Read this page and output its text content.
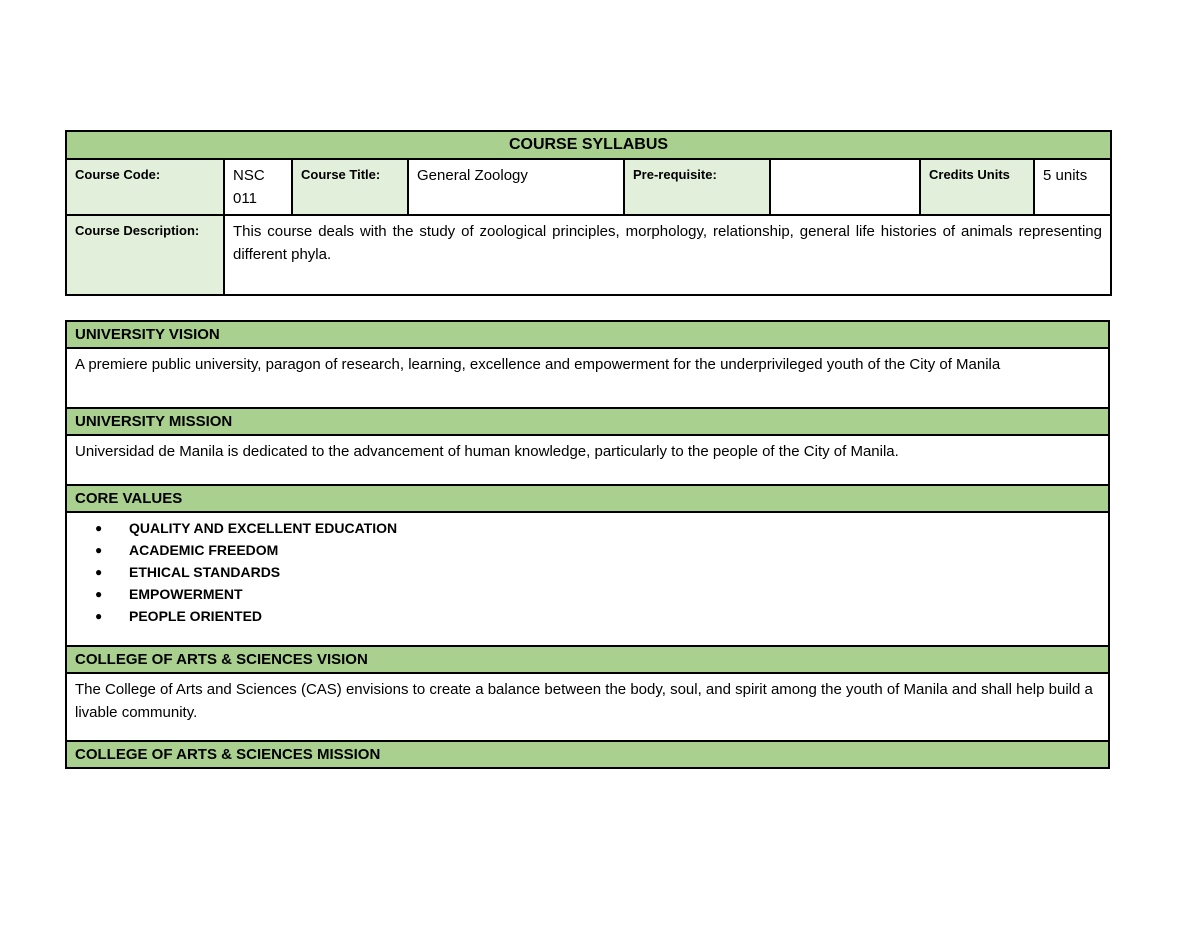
COURSE SYLLABUS							
Course Code:	NSC 011	Course Title:	General Zoology	Pre-requisite:		Credits Units	5 units
Course Description:	This course deals with the study of zoological principles, morphology, relationship, general life histories of animals representing different phyla.						
UNIVERSITY VISION
A premiere public university, paragon of research, learning, excellence and empowerment for the underprivileged youth of the City of Manila
UNIVERSITY MISSION
Universidad de Manila is dedicated to the advancement of human knowledge, particularly to the people of the City of Manila.
CORE VALUES

● QUALITY AND EXCELLENT EDUCATION
● ACADEMIC FREEDOM
● ETHICAL STANDARDS
● EMPOWERMENT
● PEOPLE ORIENTED

COLLEGE OF ARTS & SCIENCES VISION
The College of Arts and Sciences (CAS) envisions to create a balance between the body, soul, and spirit among the youth of Manila and shall help build a livable community.
COLLEGE OF ARTS & SCIENCES MISSION
